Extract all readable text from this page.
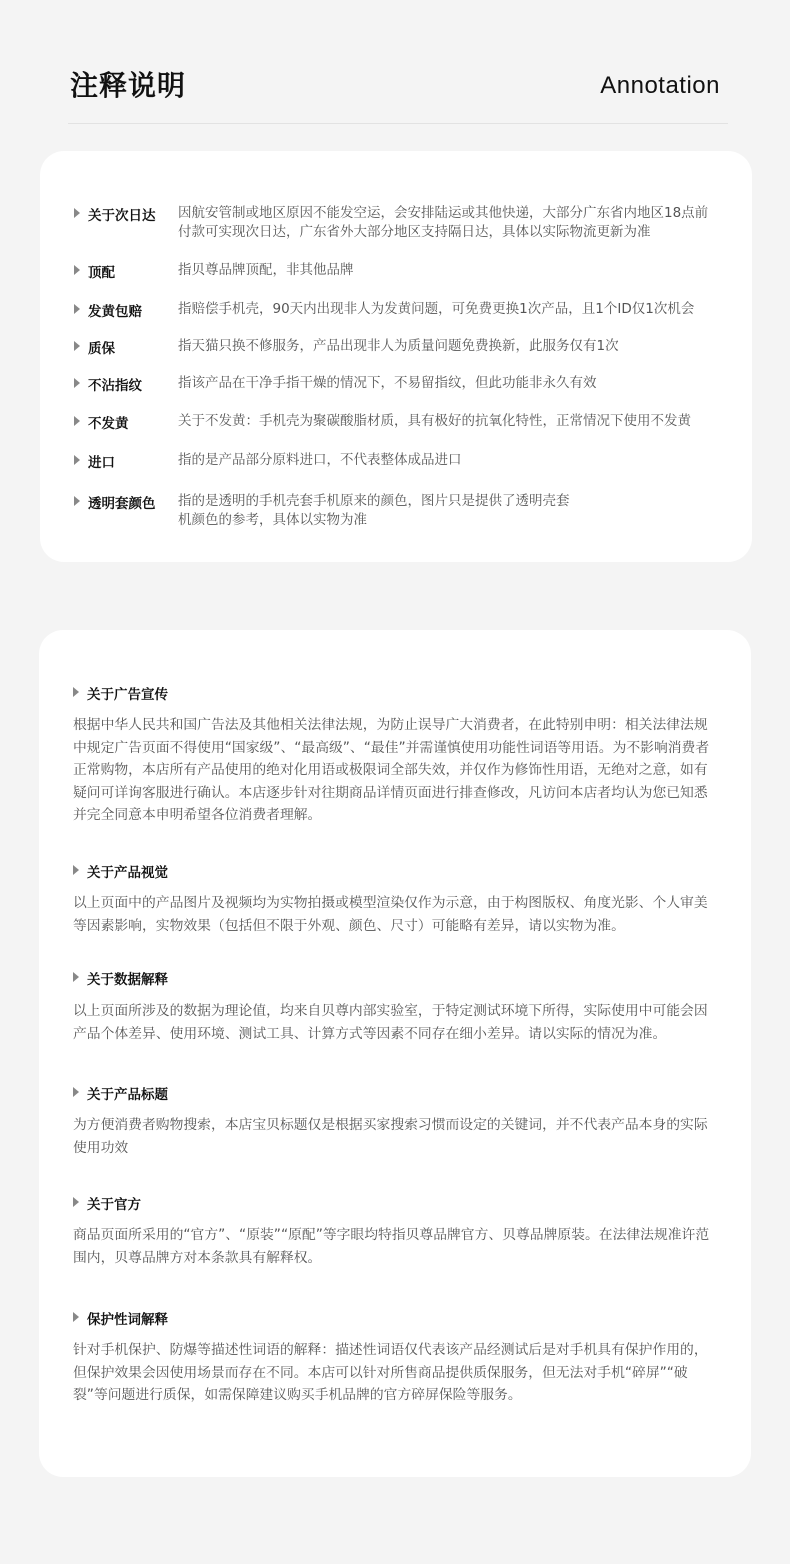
注释说明	Annotation
关于次日达 因航安管制或地区原因不能发空运，会安排陆运或其他快递，大部分广东省内地区18点前付款可实现次日达，广东省外大部分地区支持隔日达，具体以实际物流更新为准
顶配	指贝尊品牌顶配，非其他品牌
发黄包赔	指赔偿手机壳，90天内出现非人为发黄问题，可免费更换1次产品，且1个ID仅1次机会
质保	指天猫只换不修服务，产品出现非人为质量问题免费换新，此服务仅有1次
不沾指纹	指该产品在干净手指干燥的情况下，不易留指纹，但此功能非永久有效
不发黄	关于不发黄：手机壳为聚碳酸脂材质，具有极好的抗氧化特性，正常情况下使用不发黄
进口	指的是产品部分原料进口，不代表整体成品进口
透明套颜色 指的是透明的手机壳套手机原来的颜色，图片只是提供了透明壳套机颜色的参考，具体以实物为准
关于广告宣传
根据中华人民共和国广告法及其他相关法律法规，为防止误导广大消费者，在此特别申明：相关法律法规中规定广告页面不得使用“国家级”、“最高级”、“最佳”并需谨慎使用功能性词语等用语。为不影响消费者正常购物，本店所有产品使用的绝对化用语或极限词全部失效，并仅作为修饰性用语，无绝对之意，如有疑问可详询客服进行确认。本店逐步针对往期商品详情页面进行排查修改，凡访问本店者均认为您已知悉并完全同意本申明希望各位消费者理解。
关于产品视觉
以上页面中的产品图片及视频均为实物拍摄或模型渲染仅作为示意，由于构图版权、角度光影、个人审美等因素影响，实物效果（包括但不限于外观、颜色、尺寸）可能略有差异，请以实物为准。
关于数据解释
以上页面所涉及的数据为理论值，均来自贝尊内部实验室，于特定测试环境下所得，实际使用中可能会因产品个体差异、使用环境、测试工具、计算方式等因素不同存在细小差异。请以实际的情况为准。
关于产品标题
为方便消费者购物搜索，本店宝贝标题仅是根据买家搜索习惯而设定的关键词，并不代表产品本身的实际使用功效
关于官方
商品页面所采用的“官方”、“原装”“原配”等字眼均特指贝尊品牌官方、贝尊品牌原装。在法律法规准许范围内，贝尊品牌方对本条款具有解释权。
保护性词解释
针对手机保护、防爆等描述性词语的解释：描述性词语仅代表该产品经测试后是对手机具有保护作用的，但保护效果会因使用场景而存在不同。本店可以针对所售商品提供质保服务，但无法对手机“碎屏”“破裂”等问题进行质保，如需保障建议购买手机品牌的官方碎屏保险等服务。
